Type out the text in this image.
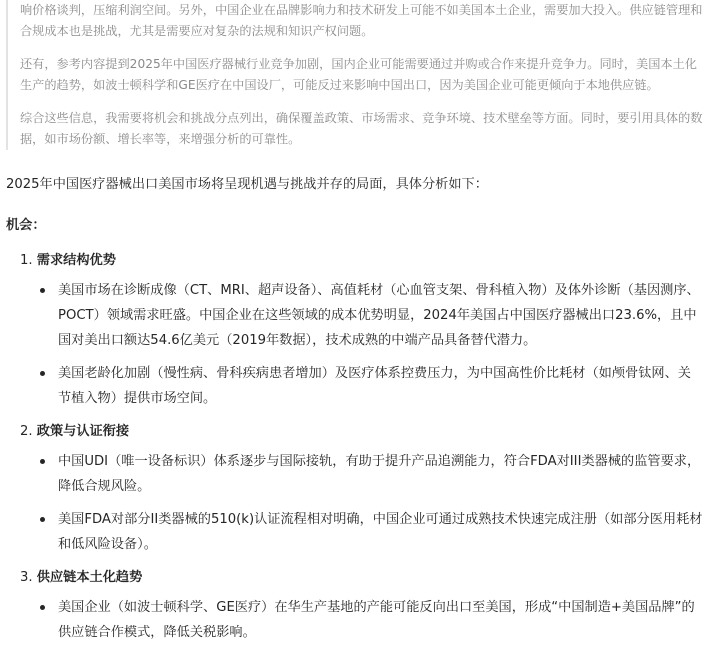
响价格谈判，压缩利润空间。另外，中国企业在品牌影响力和技术研发上可能不如美国本土企业，需要加大投入。供应链管理和合规成本也是挑战，尤其是需要应对复杂的法规和知识产权问题。

还有，参考内容提到2025年中国医疗器械行业竞争加剧，国内企业可能需要通过并购或合作来提升竞争力。同时，美国本土化生产的趋势，如波士顿科学和GE医疗在中国设厂，可能反过来影响中国出口，因为美国企业可能更倾向于本地供应链。

综合这些信息，我需要将机会和挑战分点列出，确保覆盖政策、市场需求、竞争环境、技术壁垒等方面。同时，要引用具体的数据，如市场份额、增长率等，来增强分析的可靠性。

2025年中国医疗器械出口美国市场将呈现机遇与挑战并存的局面，具体分析如下：

机会：

1. 需求结构优势
美国市场在诊断成像（CT、MRI、超声设备）、高值耗材（心血管支架、骨科植入物）及体外诊断（基因测序、POCT）领域需求旺盛。中国企业在这些领域的成本优势明显，2024年美国占中国医疗器械出口23.6%，且中国对美出口额达54.6亿美元（2019年数据），技术成熟的中端产品具备替代潜力。
美国老龄化加剧（慢性病、骨科疾病患者增加）及医疗体系控费压力，为中国高性价比耗材（如颅骨钛网、关节植入物）提供市场空间。
2. 政策与认证衔接
中国UDI（唯一设备标识）体系逐步与国际接轨，有助于提升产品追溯能力，符合FDA对III类器械的监管要求，降低合规风险。
美国FDA对部分II类器械的510(k)认证流程相对明确，中国企业可通过成熟技术快速完成注册（如部分医用耗材和低风险设备）。
3. 供应链本土化趋势
美国企业（如波士顿科学、GE医疗）在华生产基地的产能可能反向出口至美国，形成“中国制造+美国品牌”的供应链合作模式，降低关税影响。
